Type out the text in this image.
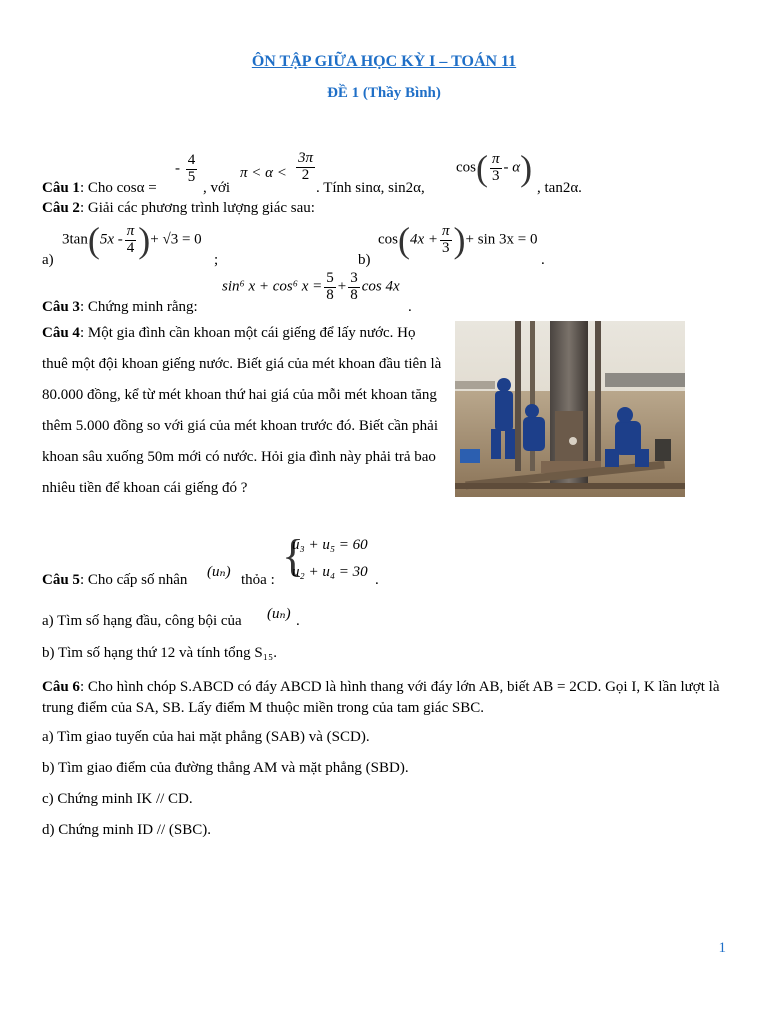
ÔN TẬP GIỮA HỌC KỲ I – TOÁN 11
ĐỀ 1 (Thầy Bình)
Câu 1: Cho cosα =
- $\frac{4}{5}$
, với
$\pi < \alpha < \frac{3\pi}{2}$
. Tính sinα, sin2α,
$\cos( \frac{\pi}{3} - \alpha)$ , tan2α.
Câu 2: Giải các phương trình lượng giác sau:
a)
$3\tan(5x - \frac{\pi}{4}$ )+ √3 = 0
;	b)
$\cos(4x + \frac{\pi}{3}$ )+ sin 3x = 0
.
Câu 3: Chứng minh rằng:
sin⁶ x + cos⁶ $x = \frac{5}{8} + \frac{3}{8}$ cos 4x
.
Câu 4: Một gia đình cần khoan một cái giếng để lấy nước. Họ thuê một đội khoan giếng nước. Biết giá của mét khoan đầu tiên là 80.000 đồng, kể từ mét khoan thứ hai giá của mỗi mét khoan tăng thêm 5.000 đồng so với giá của mét khoan trước đó. Biết cần phải khoan sâu xuống 50m mới có nước. Hỏi gia đình này phải trả bao nhiêu tiền để khoan cái giếng đó ?
Câu 5: Cho cấp số nhân (uₙ) thỏa : {
u₃ + u₅ = 60
u₂ + u₄ = 30 .
a) Tìm số hạng đầu, công bội của (uₙ) .
b) Tìm số hạng thứ 12 và tính tổng S₁₅.
Câu 6: Cho hình chóp S.ABCD có đáy ABCD là hình thang với đáy lớn AB, biết AB = 2CD. Gọi I, K lần lượt là trung điểm của SA, SB. Lấy điểm M thuộc miền trong của tam giác SBC.
a) Tìm giao tuyến của hai mặt phẳng (SAB) và (SCD).
b) Tìm giao điểm của đường thẳng AM và mặt phẳng (SBD).
c) Chứng minh IK // CD.
d) Chứng minh ID // (SBC).
1
